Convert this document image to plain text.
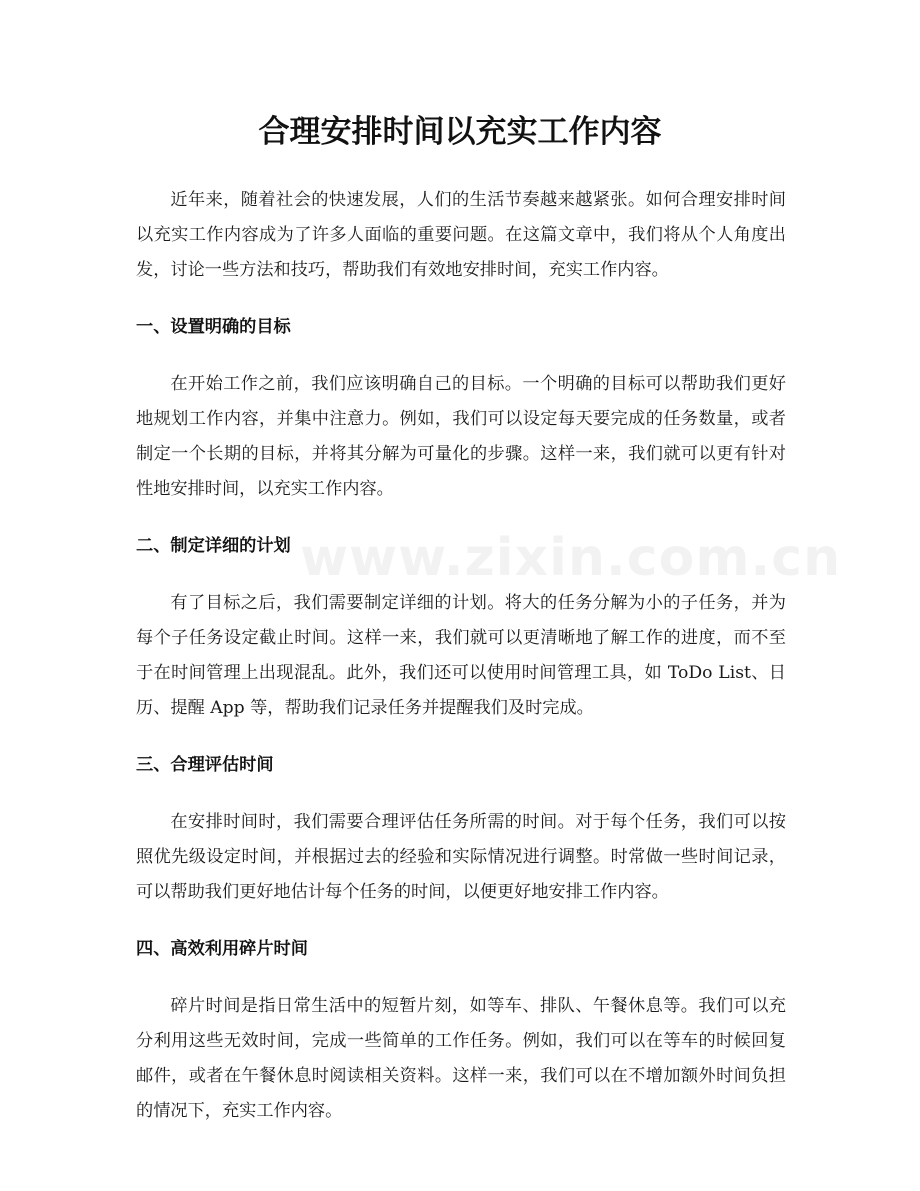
www.zixin.com.cn
合理安排时间以充实工作内容

近年来，随着社会的快速发展，人们的生活节奏越来越紧张。如何合理安排时间以充实工作内容成为了许多人面临的重要问题。在这篇文章中，我们将从个人角度出发，讨论一些方法和技巧，帮助我们有效地安排时间，充实工作内容。

一、设置明确的目标

在开始工作之前，我们应该明确自己的目标。一个明确的目标可以帮助我们更好地规划工作内容，并集中注意力。例如，我们可以设定每天要完成的任务数量，或者制定一个长期的目标，并将其分解为可量化的步骤。这样一来，我们就可以更有针对性地安排时间，以充实工作内容。

二、制定详细的计划

有了目标之后，我们需要制定详细的计划。将大的任务分解为小的子任务，并为每个子任务设定截止时间。这样一来，我们就可以更清晰地了解工作的进度，而不至于在时间管理上出现混乱。此外，我们还可以使用时间管理工具，如 ToDo List、日历、提醒 App 等，帮助我们记录任务并提醒我们及时完成。

三、合理评估时间

在安排时间时，我们需要合理评估任务所需的时间。对于每个任务，我们可以按照优先级设定时间，并根据过去的经验和实际情况进行调整。时常做一些时间记录，可以帮助我们更好地估计每个任务的时间，以便更好地安排工作内容。

四、高效利用碎片时间

碎片时间是指日常生活中的短暂片刻，如等车、排队、午餐休息等。我们可以充分利用这些无效时间，完成一些简单的工作任务。例如，我们可以在等车的时候回复邮件，或者在午餐休息时阅读相关资料。这样一来，我们可以在不增加额外时间负担的情况下，充实工作内容。
